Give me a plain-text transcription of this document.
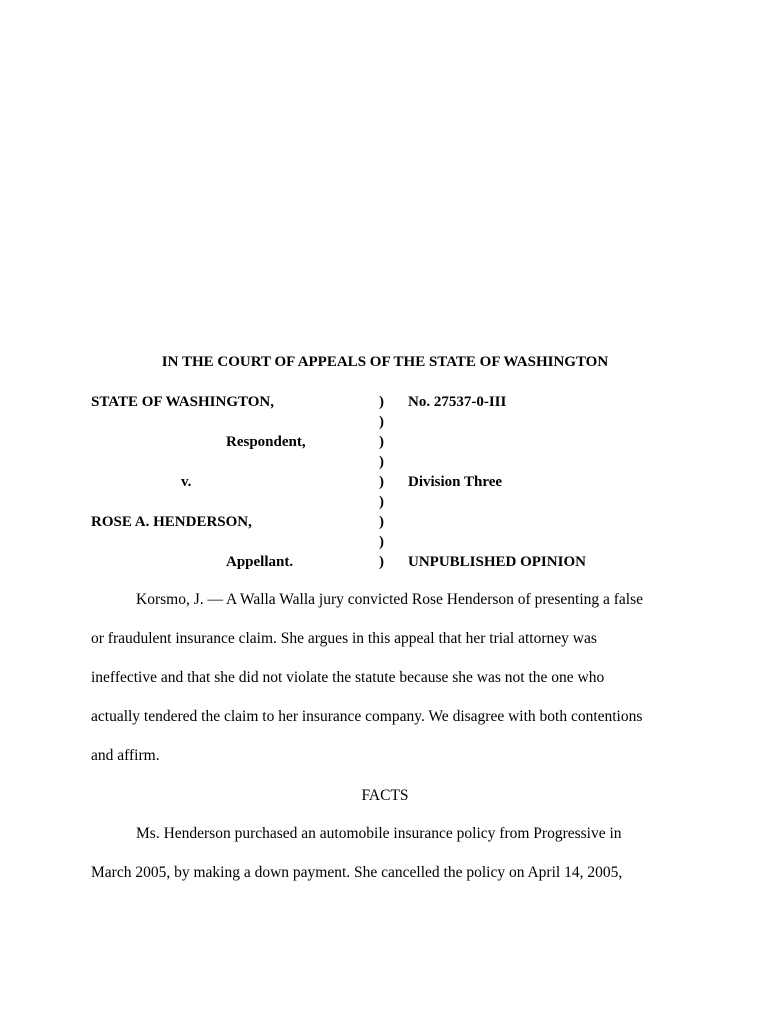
IN THE COURT OF APPEALS OF THE STATE OF WASHINGTON
STATE OF WASHINGTON,
Respondent,
v.
ROSE A. HENDERSON,
Appellant.
)
)
)
)
)
)
)
)
)
No. 27537-0-III
Division Three
UNPUBLISHED OPINION
Korsmo, J. — A Walla Walla jury convicted Rose Henderson of presenting a false
or fraudulent insurance claim. She argues in this appeal that her trial attorney was
ineffective and that she did not violate the statute because she was not the one who
actually tendered the claim to her insurance company. We disagree with both contentions
and affirm.
FACTS
Ms. Henderson purchased an automobile insurance policy from Progressive in
March 2005, by making a down payment. She cancelled the policy on April 14, 2005,
